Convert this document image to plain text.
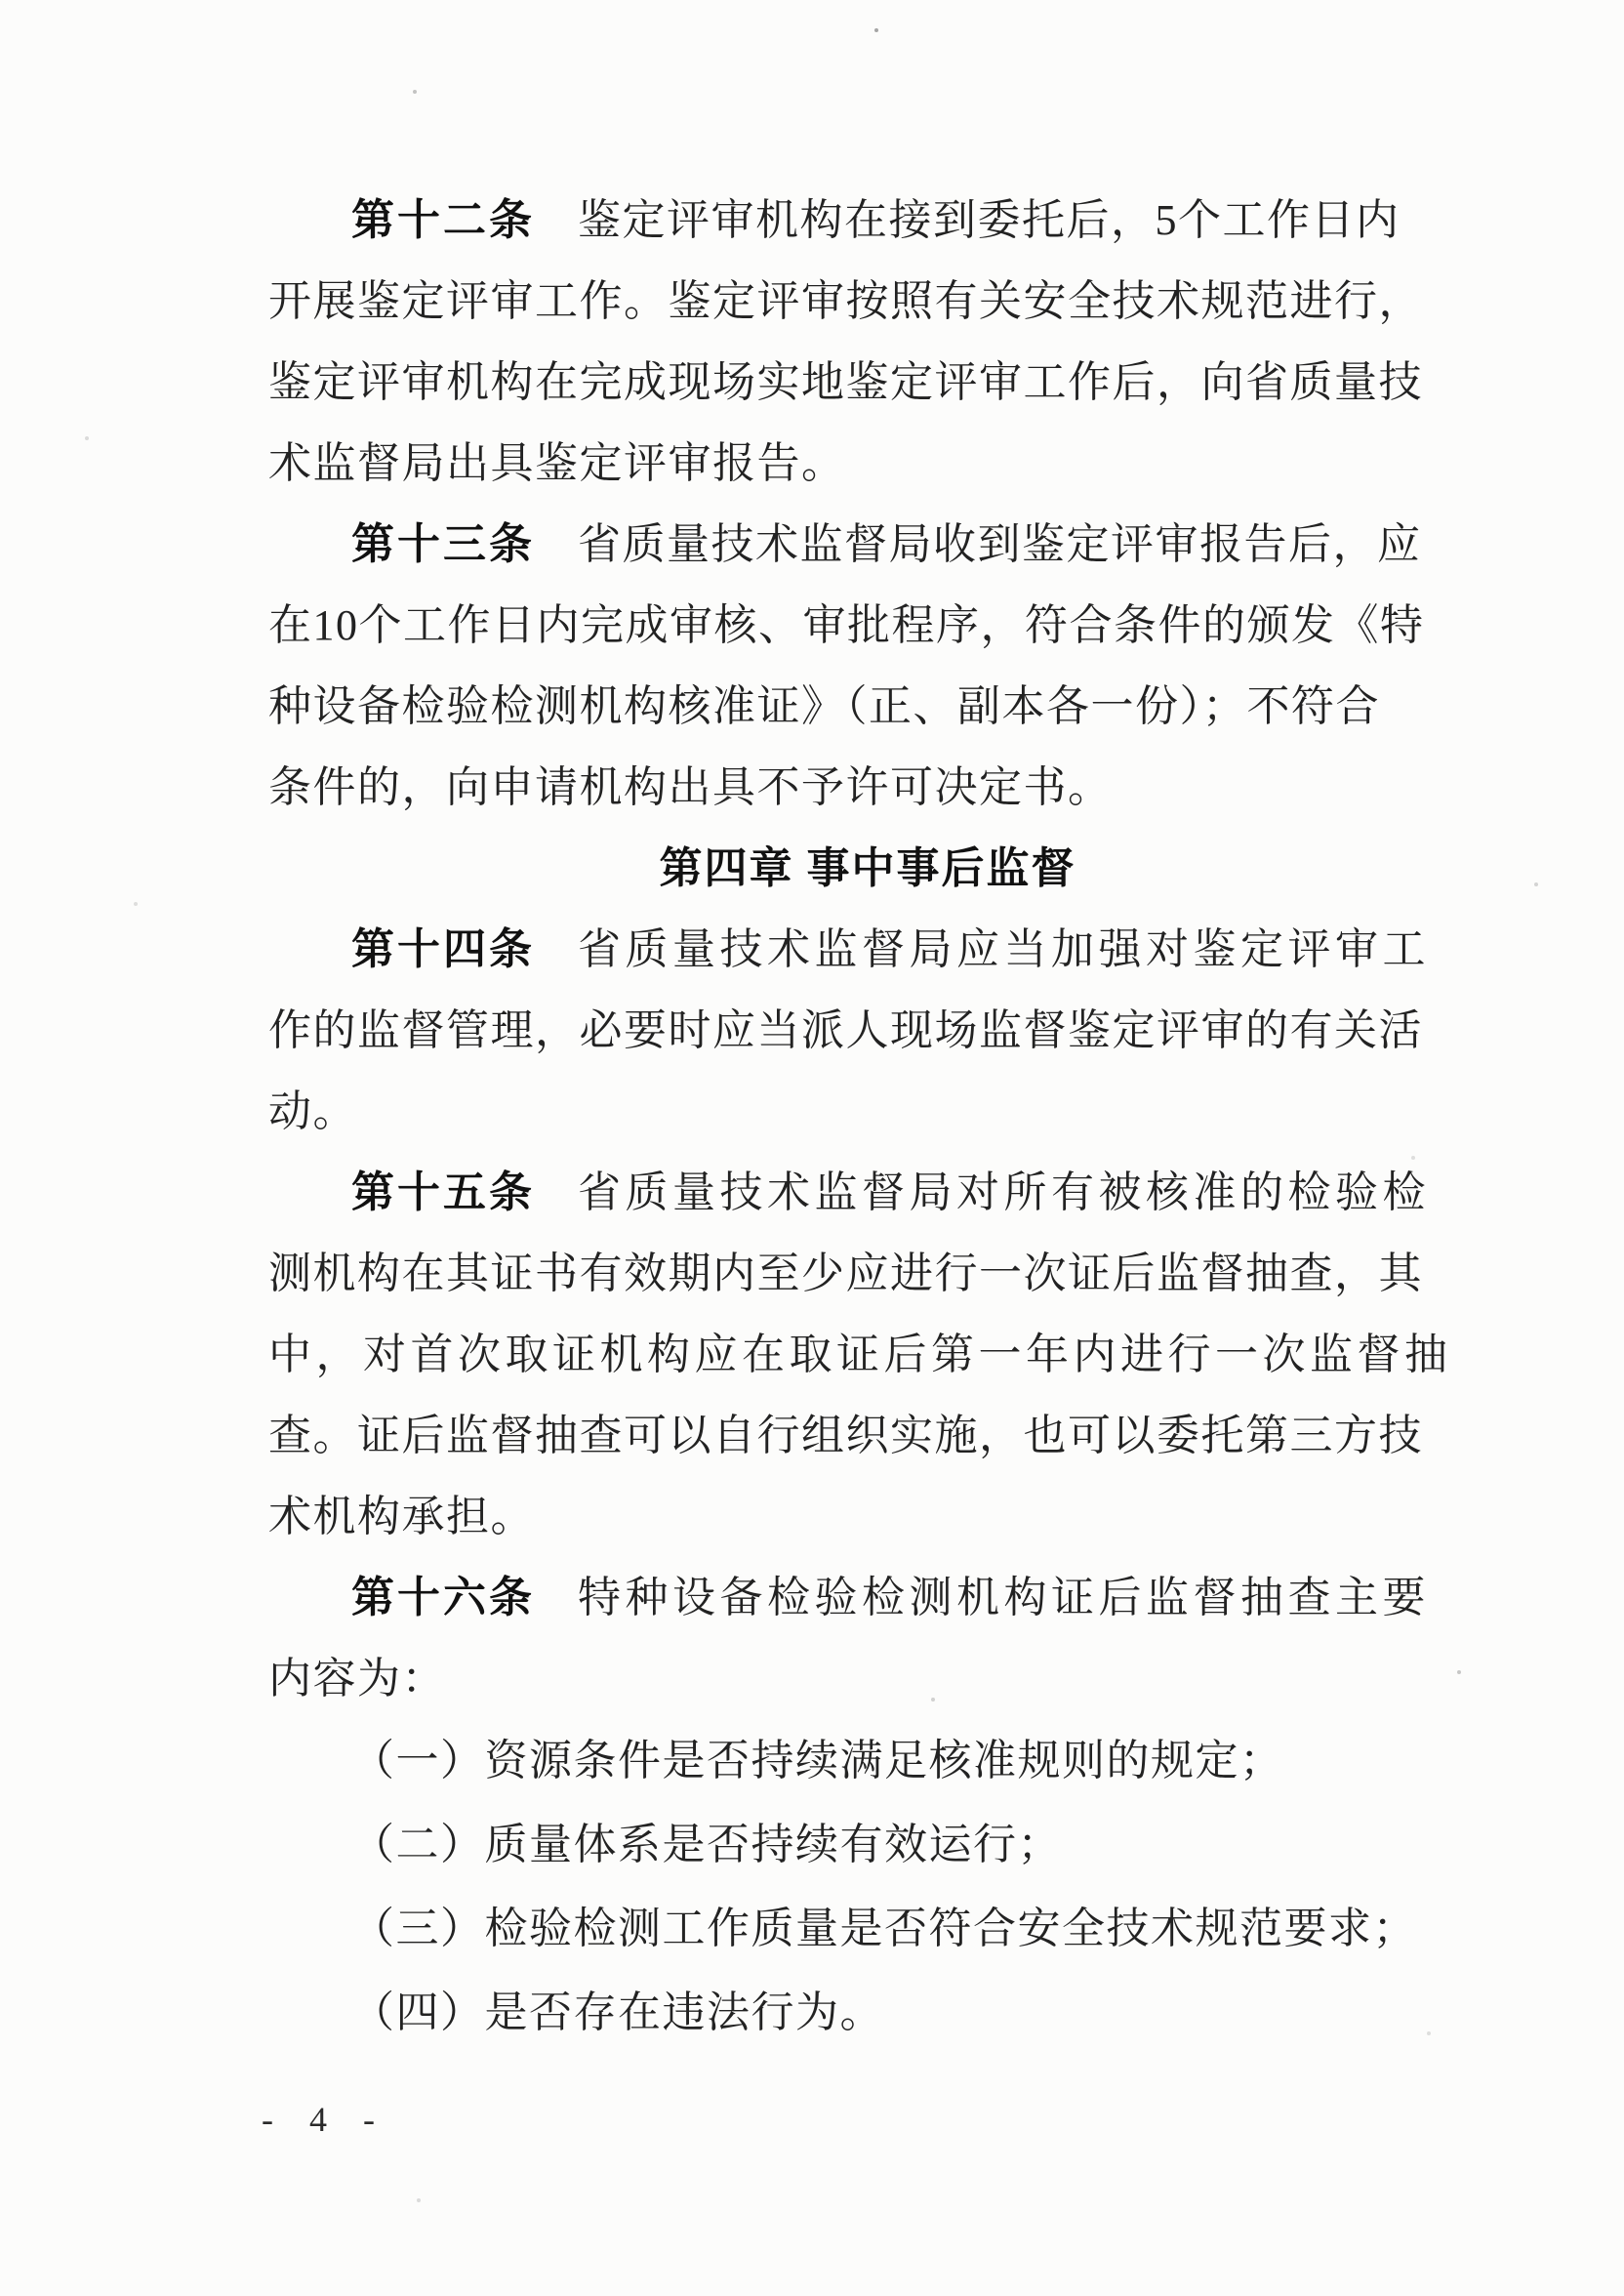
第十二条 鉴定评审机构在接到委托后，5个工作日内
开展鉴定评审工作。鉴定评审按照有关安全技术规范进行，
鉴定评审机构在完成现场实地鉴定评审工作后，向省质量技
术监督局出具鉴定评审报告。
第十三条 省质量技术监督局收到鉴定评审报告后，应
在10个工作日内完成审核、审批程序，符合条件的颁发《特
种设备检验检测机构核准证》（正、副本各一份）；不符合
条件的，向申请机构出具不予许可决定书。
第四章 事中事后监督
第十四条 省质量技术监督局应当加强对鉴定评审工
作的监督管理，必要时应当派人现场监督鉴定评审的有关活
动。
第十五条 省质量技术监督局对所有被核准的检验检
测机构在其证书有效期内至少应进行一次证后监督抽查，其
中，对首次取证机构应在取证后第一年内进行一次监督抽
查。证后监督抽查可以自行组织实施，也可以委托第三方技
术机构承担。
第十六条 特种设备检验检测机构证后监督抽查主要
内容为：
（一）资源条件是否持续满足核准规则的规定；
（二）质量体系是否持续有效运行；
（三）检验检测工作质量是否符合安全技术规范要求；
（四）是否存在违法行为。
- 4 -
